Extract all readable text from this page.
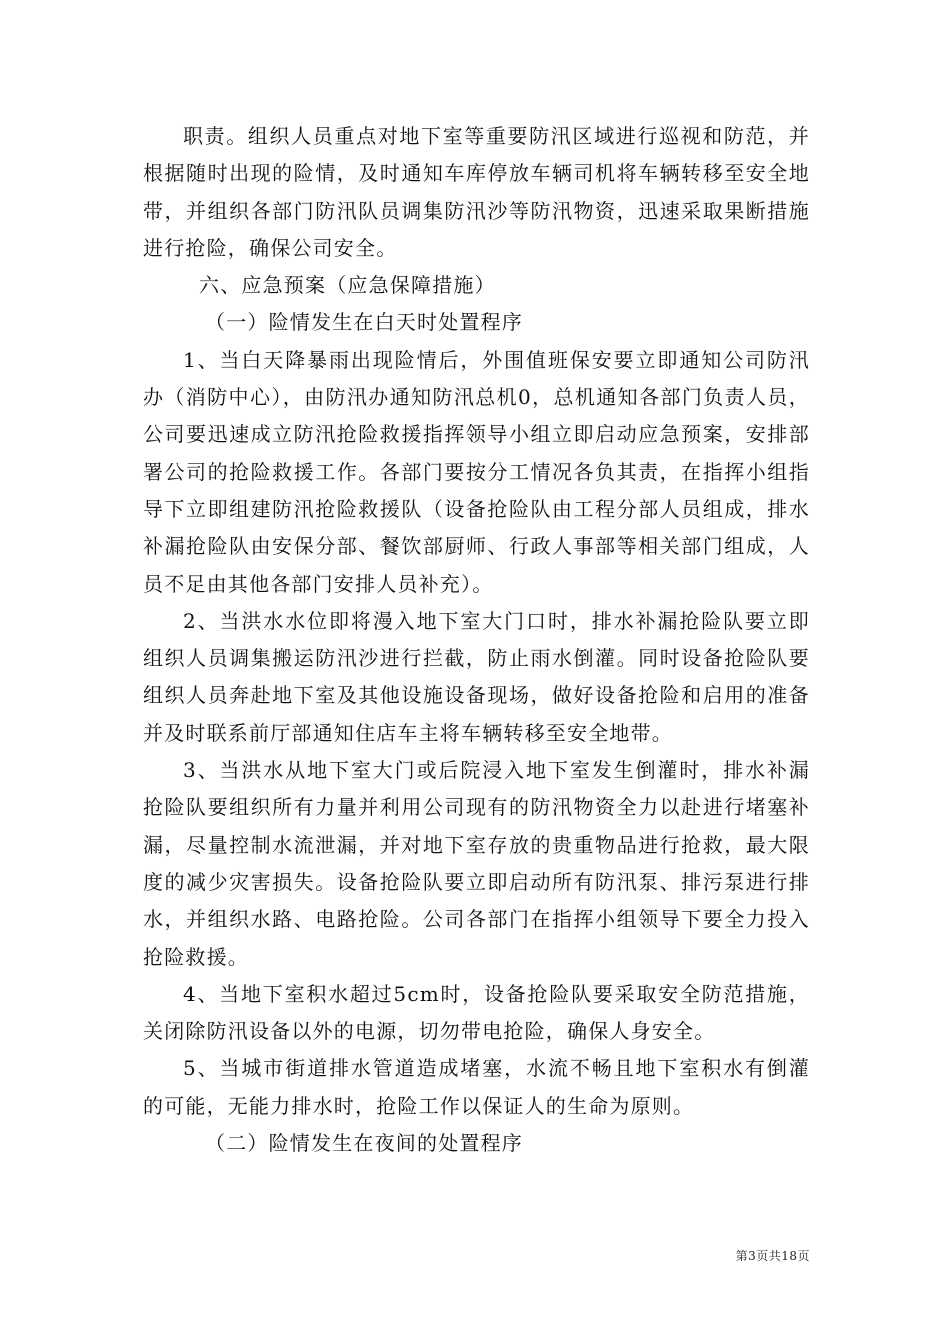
职责。组织人员重点对地下室等重要防汛区域进行巡视和防范，并根据随时出现的险情，及时通知车库停放车辆司机将车辆转移至安全地带，并组织各部门防汛队员调集防汛沙等防汛物资，迅速采取果断措施进行抢险，确保公司安全。

六、应急预案（应急保障措施）

（一）险情发生在白天时处置程序

1、当白天降暴雨出现险情后，外围值班保安要立即通知公司防汛办（消防中心），由防汛办通知防汛总机0，总机通知各部门负责人员，公司要迅速成立防汛抢险救援指挥领导小组立即启动应急预案，安排部署公司的抢险救援工作。各部门要按分工情况各负其责，在指挥小组指导下立即组建防汛抢险救援队（设备抢险队由工程分部人员组成，排水补漏抢险队由安保分部、餐饮部厨师、行政人事部等相关部门组成，人员不足由其他各部门安排人员补充）。

2、当洪水水位即将漫入地下室大门口时，排水补漏抢险队要立即组织人员调集搬运防汛沙进行拦截，防止雨水倒灌。同时设备抢险队要组织人员奔赴地下室及其他设施设备现场，做好设备抢险和启用的准备并及时联系前厅部通知住店车主将车辆转移至安全地带。

3、当洪水从地下室大门或后院浸入地下室发生倒灌时，排水补漏抢险队要组织所有力量并利用公司现有的防汛物资全力以赴进行堵塞补漏，尽量控制水流泄漏，并对地下室存放的贵重物品进行抢救，最大限度的减少灾害损失。设备抢险队要立即启动所有防汛泵、排污泵进行排水，并组织水路、电路抢险。公司各部门在指挥小组领导下要全力投入抢险救援。

4、当地下室积水超过5cm时，设备抢险队要采取安全防范措施，关闭除防汛设备以外的电源，切勿带电抢险，确保人身安全。

5、当城市街道排水管道造成堵塞，水流不畅且地下室积水有倒灌的可能，无能力排水时，抢险工作以保证人的生命为原则。

（二）险情发生在夜间的处置程序

第3页共18页
